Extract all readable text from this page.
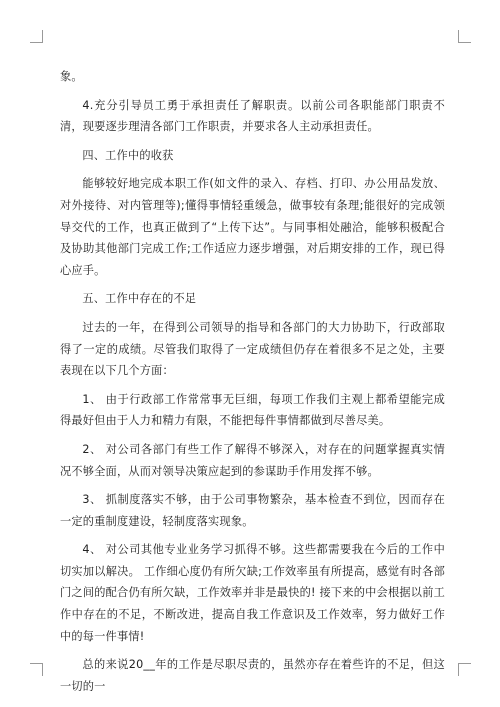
象。

4.充分引导员工勇于承担责任了解职责。以前公司各职能部门职责不清，现要逐步理清各部门工作职责，并要求各人主动承担责任。

四、工作中的收获

能够较好地完成本职工作(如文件的录入、存档、打印、办公用品发放、对外接待、对内管理等);懂得事情轻重缓急，做事较有条理;能很好的完成领导交代的工作，也真正做到了“上传下达”。与同事相处融洽，能够积极配合及协助其他部门完成工作;工作适应力逐步增强，对后期安排的工作，现已得心应手。

五、工作中存在的不足

过去的一年，在得到公司领导的指导和各部门的大力协助下，行政部取得了一定的成绩。尽管我们取得了一定成绩但仍存在着很多不足之处，主要表现在以下几个方面：

1、 由于行政部工作常常事无巨细，每项工作我们主观上都希望能完成得最好但由于人力和精力有限，不能把每件事情都做到尽善尽美。

2、 对公司各部门有些工作了解得不够深入，对存在的问题掌握真实情况不够全面，从而对领导决策应起到的参谋助手作用发挥不够。

3、 抓制度落实不够，由于公司事物繁杂，基本检查不到位，因而存在一定的重制度建设，轻制度落实现象。

4、 对公司其他专业业务学习抓得不够。这些都需要我在今后的工作中切实加以解决。 工作细心度仍有所欠缺;工作效率虽有所提高，感觉有时各部门之间的配合仍有所欠缺，工作效率并非是最快的! 接下来的中会根据以前工作中存在的不足，不断改进，提高自我工作意识及工作效率，努力做好工作中的每一件事情!

总的来说20__年的工作是尽职尽责的，虽然亦存在着些许的不足，但这一切的一
